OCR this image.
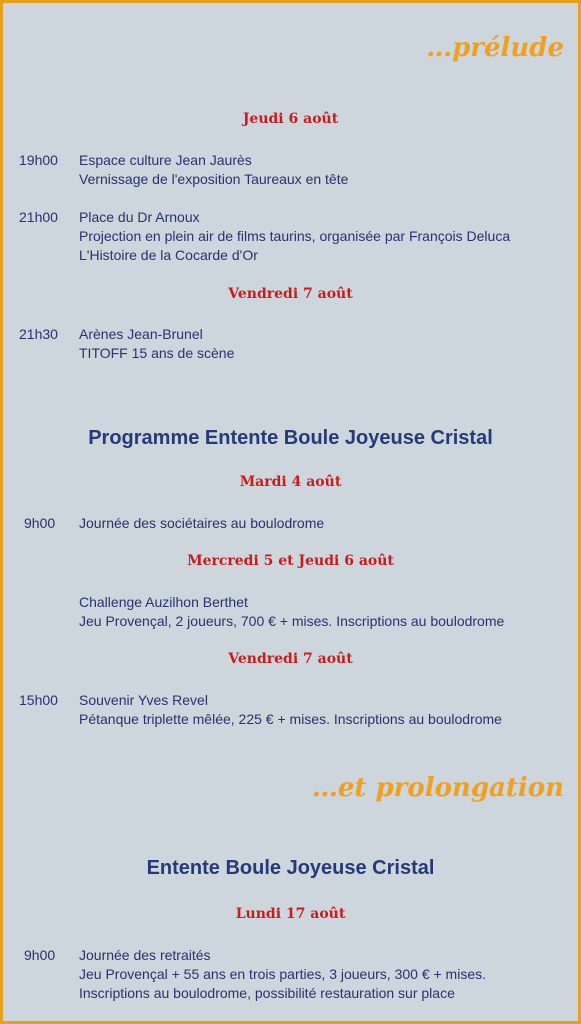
…prélude
Jeudi 6 août
19h00 Espace culture Jean Jaurès
Vernissage de l'exposition Taureaux en tête
21h00 Place du Dr Arnoux
Projection en plein air de films taurins, organisée par François Deluca
L'Histoire de la Cocarde d'Or
Vendredi 7 août
21h30 Arènes Jean-Brunel
TITOFF 15 ans de scène
Programme Entente Boule Joyeuse Cristal
Mardi 4 août
9h00 Journée des sociétaires au boulodrome
Mercredi 5 et Jeudi 6 août
Challenge Auzilhon Berthet
Jeu Provençal, 2 joueurs, 700 € + mises. Inscriptions au boulodrome
Vendredi 7 août
15h00 Souvenir Yves Revel
Pétanque triplette mêlée, 225 € + mises. Inscriptions au boulodrome
…et prolongation
Entente Boule Joyeuse Cristal
Lundi 17 août
9h00 Journée des retraités
Jeu Provençal + 55 ans en trois parties, 3 joueurs, 300 € + mises.
Inscriptions au boulodrome, possibilité restauration sur place
